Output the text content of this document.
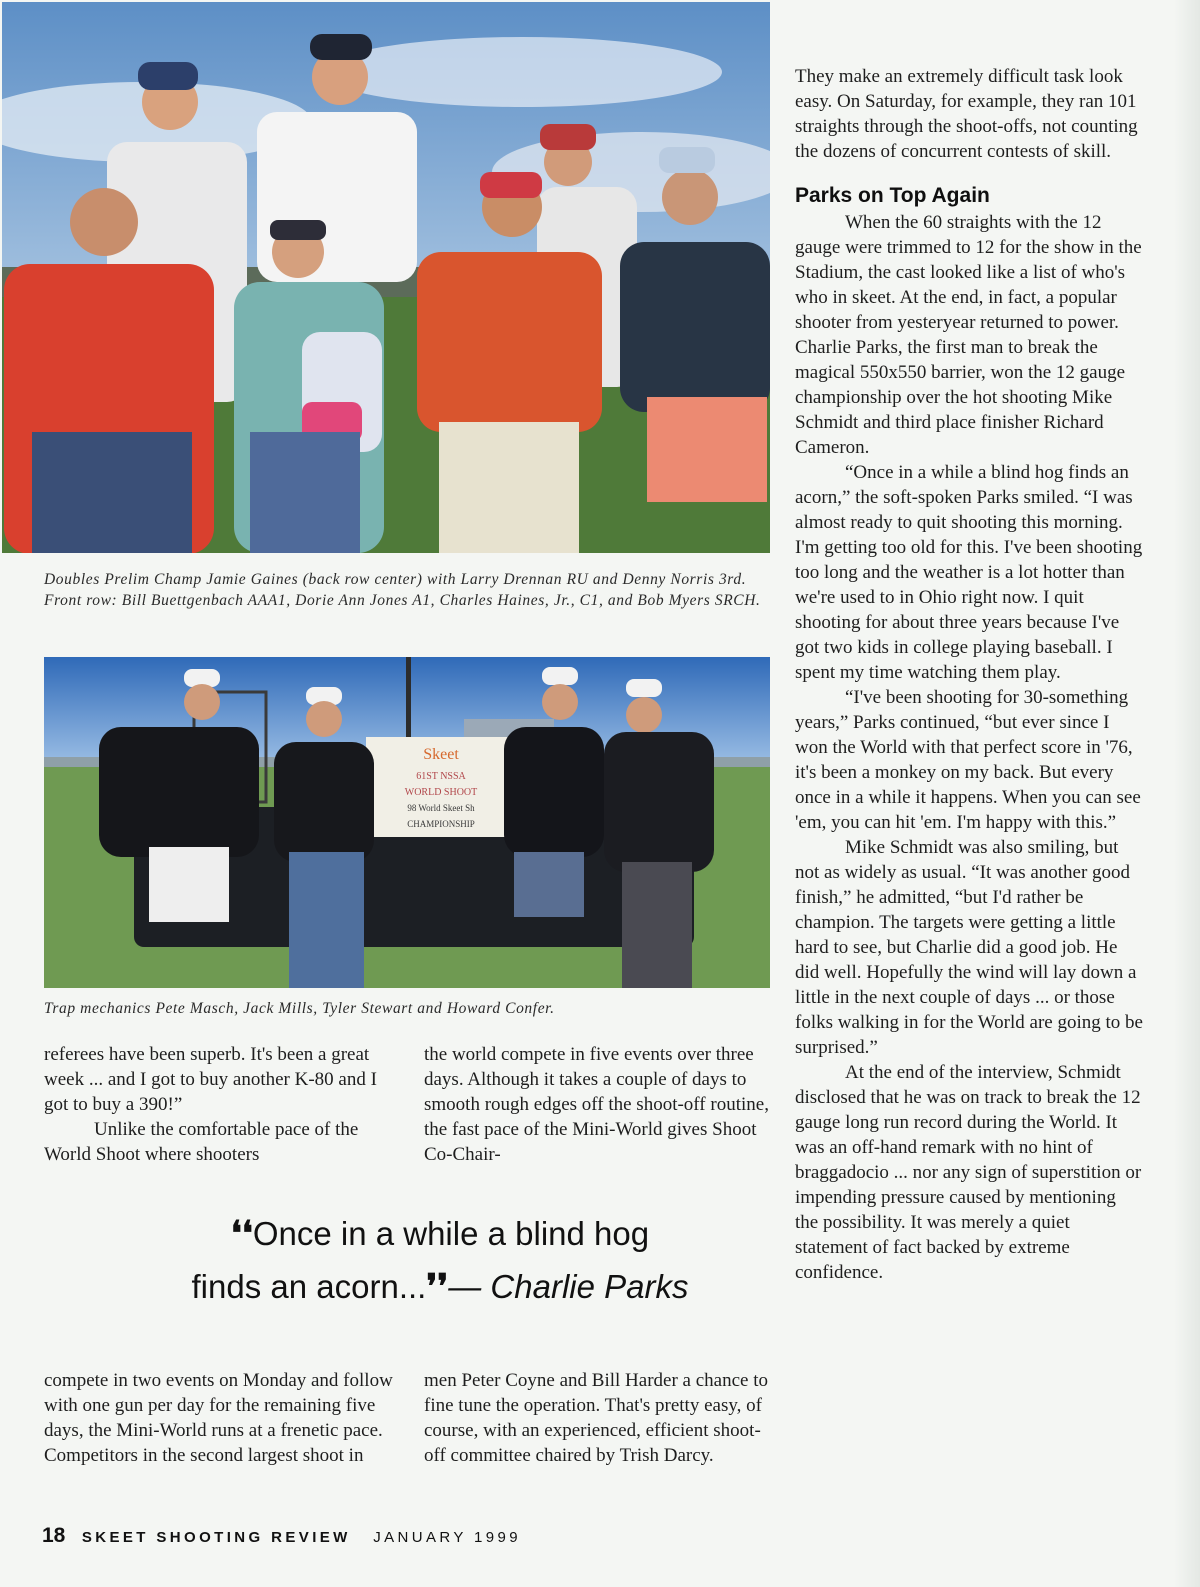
Doubles Prelim Champ Jamie Gaines (back row center) with Larry Drennan RU and Denny Norris 3rd. Front row: Bill Buettgenbach AAA1, Dorie Ann Jones A1, Charles Haines, Jr., C1, and Bob Myers SRCH.

Skeet
61ST NSSA
WORLD SHOOT
98 World Skeet Sh
CHAMPIONSHIP

Trap mechanics Pete Masch, Jack Mills, Tyler Stewart and Howard Confer.

They make an extremely difficult task look easy. On Saturday, for example, they ran 101 straights through the shoot-offs, not counting the dozens of concurrent contests of skill.

Parks on Top Again

When the 60 straights with the 12 gauge were trimmed to 12 for the show in the Stadium, the cast looked like a list of who's who in skeet. At the end, in fact, a popular shooter from yesteryear returned to power. Charlie Parks, the first man to break the magical 550x550 barrier, won the 12 gauge championship over the hot shooting Mike Schmidt and third place finisher Richard Cameron.

“Once in a while a blind hog finds an acorn,” the soft-spoken Parks smiled. “I was almost ready to quit shooting this morning. I'm getting too old for this. I've been shooting too long and the weather is a lot hotter than we're used to in Ohio right now. I quit shooting for about three years because I've got two kids in college playing baseball. I spent my time watching them play.

“I've been shooting for 30-something years,” Parks continued, “but ever since I won the World with that perfect score in '76, it's been a monkey on my back. But every once in a while it happens. When you can see 'em, you can hit 'em. I'm happy with this.”

Mike Schmidt was also smiling, but not as widely as usual. “It was another good finish,” he admitted, “but I'd rather be champion. The targets were getting a little hard to see, but Charlie did a good job. He did well. Hopefully the wind will lay down a little in the next couple of days ... or those folks walking in for the World are going to be surprised.”

At the end of the interview, Schmidt disclosed that he was on track to break the 12 gauge long run record during the World. It was an off-hand remark with no hint of braggadocio ... nor any sign of superstition or impending pressure caused by mentioning the possibility. It was merely a quiet statement of fact backed by extreme confidence.

referees have been superb. It's been a great week ... and I got to buy another K-80 and I got to buy a 390!”

Unlike the comfortable pace of the World Shoot where shooters

the world compete in five events over three days. Although it takes a couple of days to smooth rough edges off the shoot-off routine, the fast pace of the Mini-World gives Shoot Co-Chair-

❛❛Once in a while a blind hog
finds an acorn...❜❜— Charlie Parks

compete in two events on Monday and follow with one gun per day for the remaining five days, the Mini-World runs at a frenetic pace. Competitors in the second largest shoot in

men Peter Coyne and Bill Harder a chance to fine tune the operation. That's pretty easy, of course, with an experienced, efficient shoot-off committee chaired by Trish Darcy.

18 SKEET SHOOTING REVIEW JANUARY 1999
